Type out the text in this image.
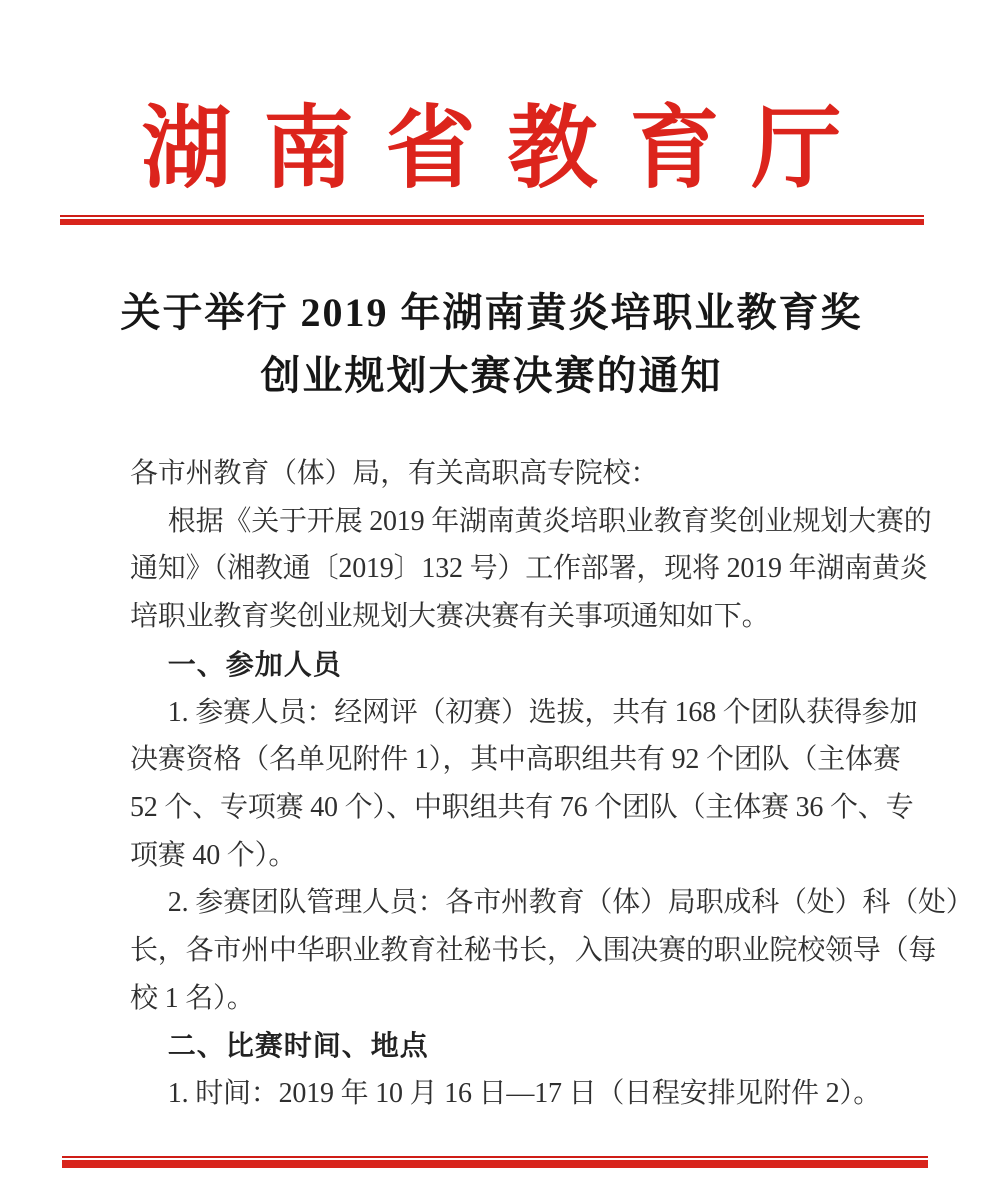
湖南省教育厅
关于举行 2019 年湖南黄炎培职业教育奖
创业规划大赛决赛的通知
各市州教育（体）局，有关高职高专院校：
根据《关于开展 2019 年湖南黄炎培职业教育奖创业规划大赛的
通知》（湘教通〔2019〕132 号）工作部署，现将 2019 年湖南黄炎
培职业教育奖创业规划大赛决赛有关事项通知如下。
一、参加人员
1. 参赛人员：经网评（初赛）选拔，共有 168 个团队获得参加
决赛资格（名单见附件 1），其中高职组共有 92 个团队（主体赛
52 个、专项赛 40 个）、中职组共有 76 个团队（主体赛 36 个、专
项赛 40 个）。
2. 参赛团队管理人员：各市州教育（体）局职成科（处）科（处）
长，各市州中华职业教育社秘书长，入围决赛的职业院校领导（每
校 1 名）。
二、比赛时间、地点
1. 时间：2019 年 10 月 16 日—17 日（日程安排见附件 2）。
